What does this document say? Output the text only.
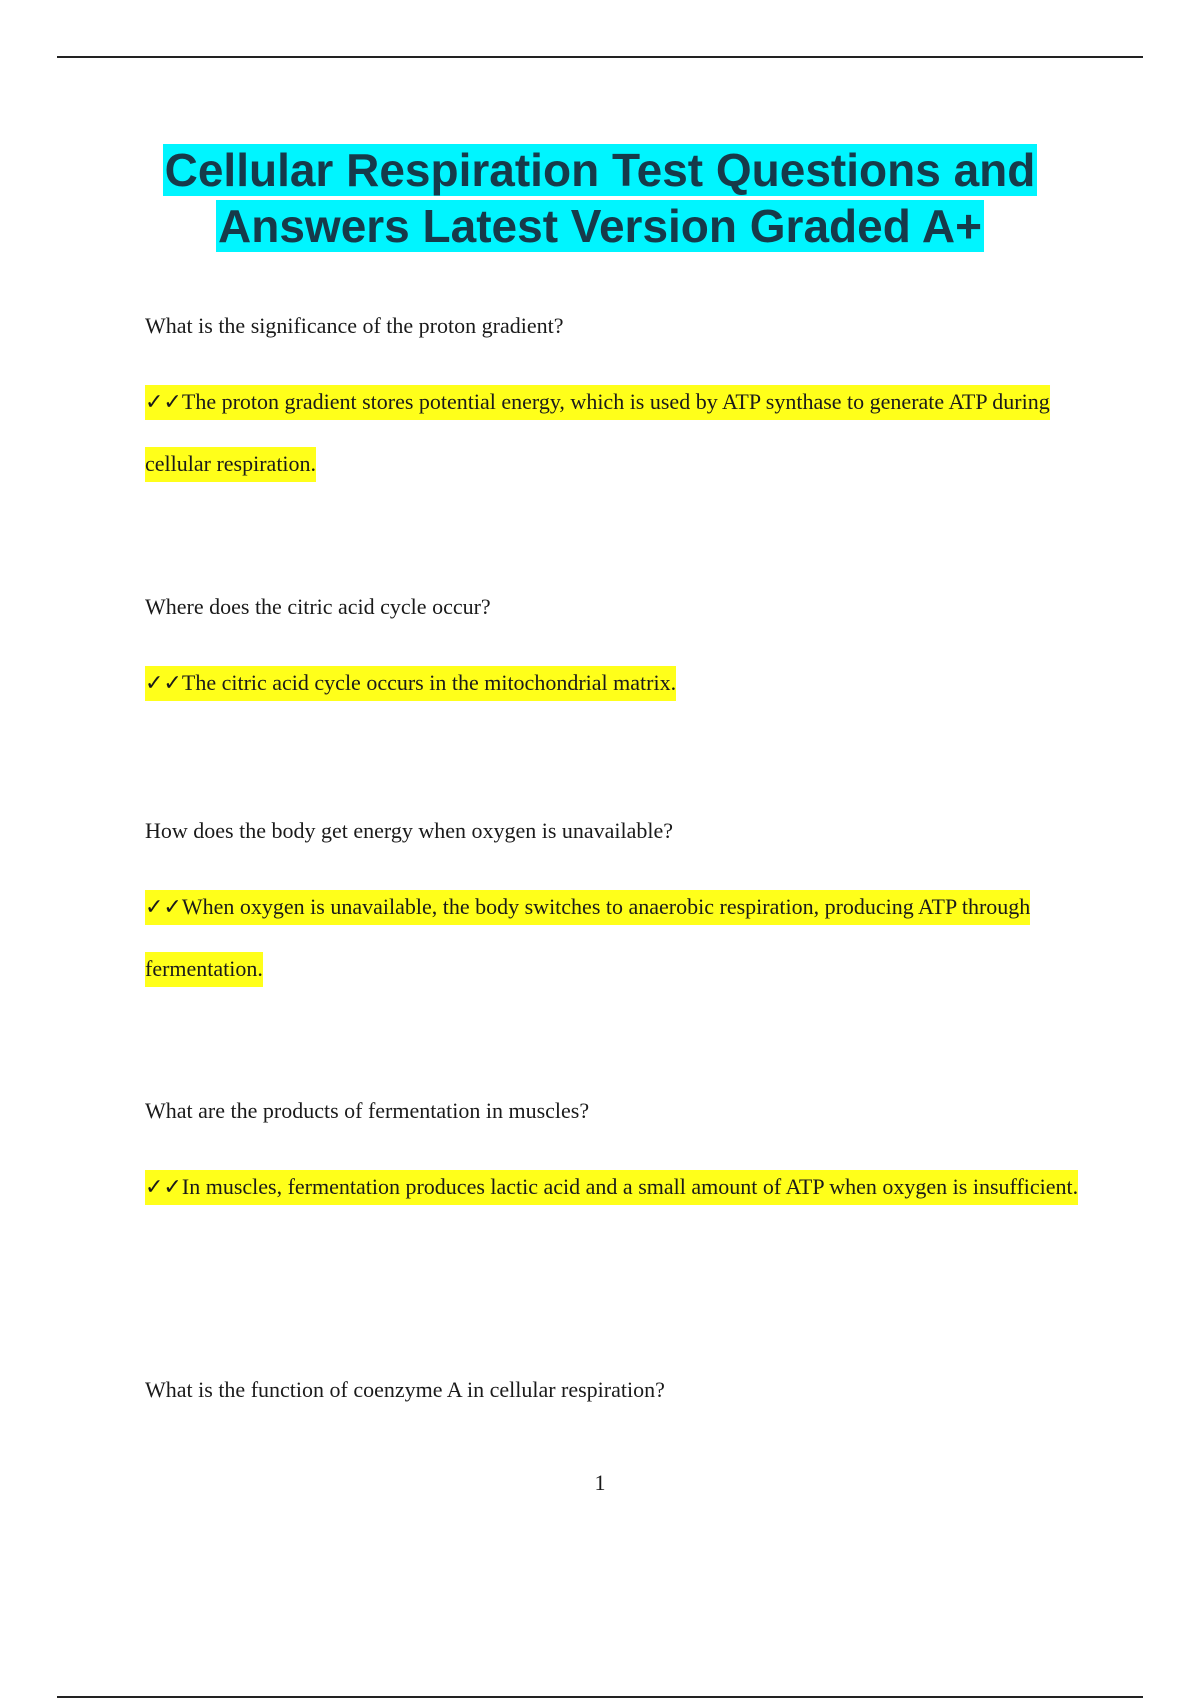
Cellular Respiration Test Questions and
Answers Latest Version Graded A+

What is the significance of the proton gradient?

✓✓The proton gradient stores potential energy, which is used by ATP synthase to generate ATP during cellular respiration.

Where does the citric acid cycle occur?

✓✓The citric acid cycle occurs in the mitochondrial matrix.

How does the body get energy when oxygen is unavailable?

✓✓When oxygen is unavailable, the body switches to anaerobic respiration, producing ATP through fermentation.

What are the products of fermentation in muscles?

✓✓In muscles, fermentation produces lactic acid and a small amount of ATP when oxygen is insufficient.

What is the function of coenzyme A in cellular respiration?

1
